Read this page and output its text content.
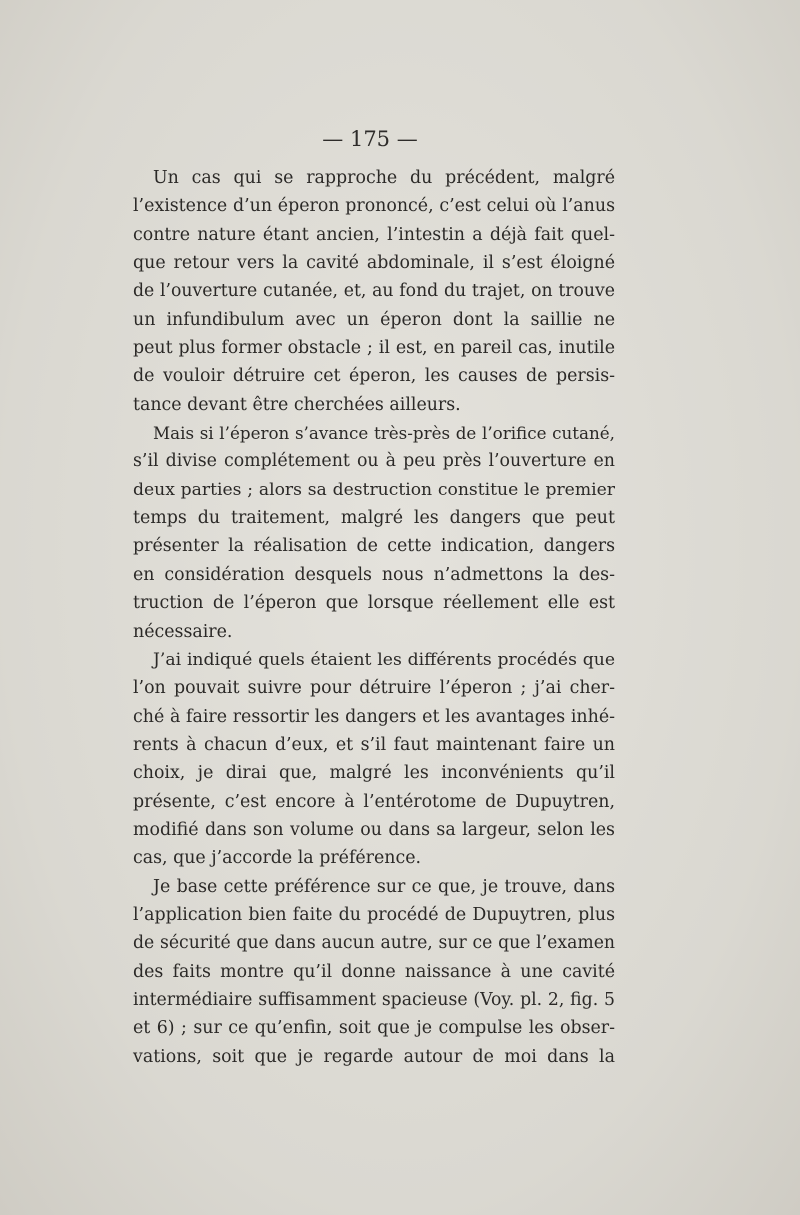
— 175 —
Un cas qui se rapproche du précédent, malgré
l’existence d’un éperon prononcé, c’est celui où l’anus
contre nature étant ancien, l’intestin a déjà fait quel-
que retour vers la cavité abdominale, il s’est éloigné
de l’ouverture cutanée, et, au fond du trajet, on trouve
un infundibulum avec un éperon dont la saillie ne
peut plus former obstacle ; il est, en pareil cas, inutile
de vouloir détruire cet éperon, les causes de persis-
tance devant être cherchées ailleurs.
Mais si l’éperon s’avance très-près de l’orifice cutané,
s’il divise complétement ou à peu près l’ouverture en
deux parties ; alors sa destruction constitue le premier
temps du traitement, malgré les dangers que peut
présenter la réalisation de cette indication, dangers
en considération desquels nous n’admettons la des-
truction de l’éperon que lorsque réellement elle est
nécessaire.
J’ai indiqué quels étaient les différents procédés que
l’on pouvait suivre pour détruire l’éperon ; j’ai cher-
ché à faire ressortir les dangers et les avantages inhé-
rents à chacun d’eux, et s’il faut maintenant faire un
choix, je dirai que, malgré les inconvénients qu’il
présente, c’est encore à l’entérotome de Dupuytren,
modifié dans son volume ou dans sa largeur, selon les
cas, que j’accorde la préférence.
Je base cette préférence sur ce que, je trouve, dans
l’application bien faite du procédé de Dupuytren, plus
de sécurité que dans aucun autre, sur ce que l’examen
des faits montre qu’il donne naissance à une cavité
intermédiaire suffisamment spacieuse (Voy. pl. 2, fig. 5
et 6) ; sur ce qu’enfin, soit que je compulse les obser-
vations, soit que je regarde autour de moi dans la
